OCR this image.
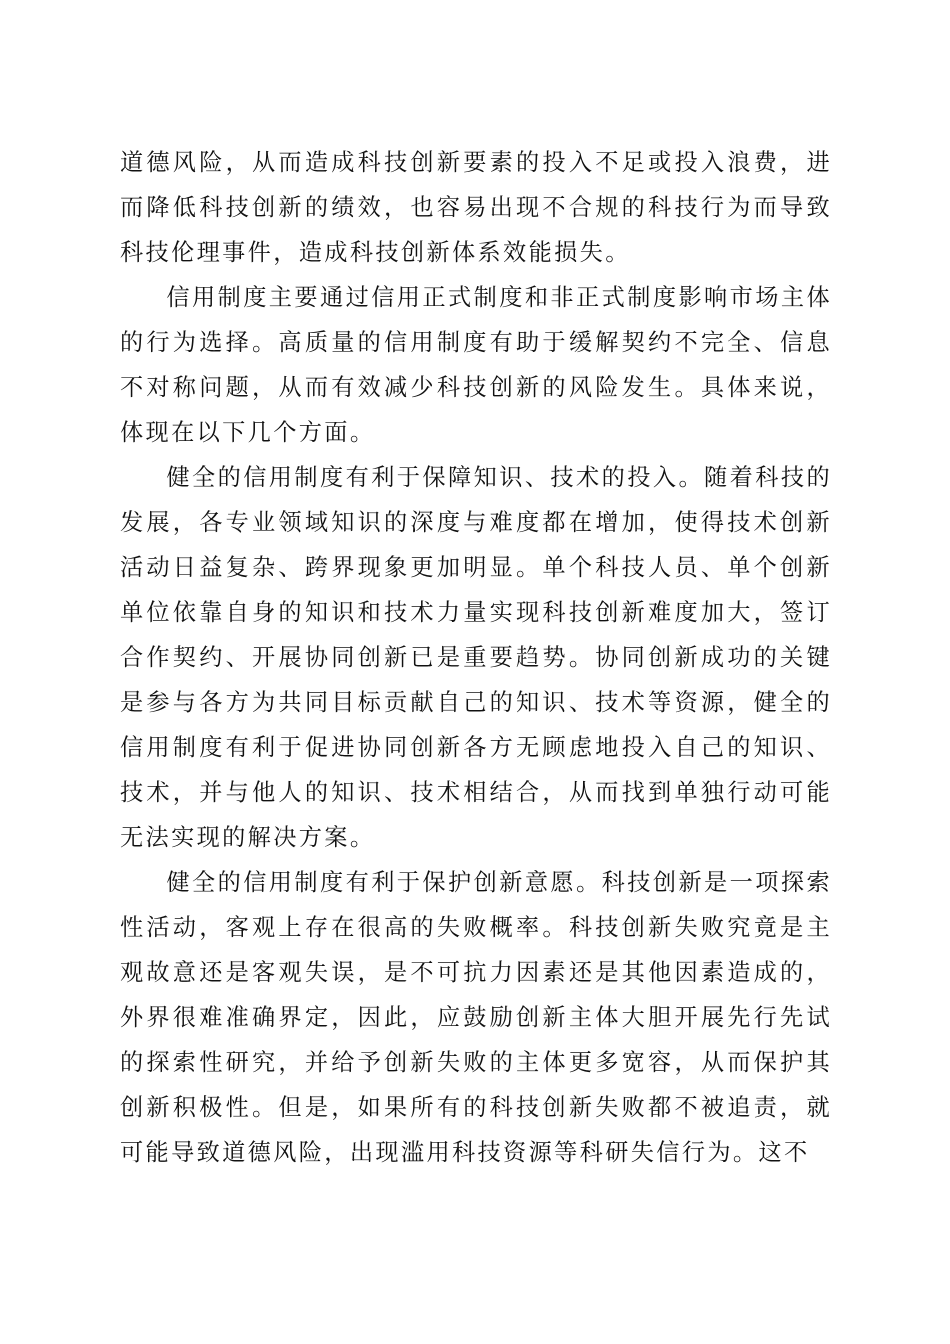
道德风险，从而造成科技创新要素的投入不足或投入浪费，进而降低科技创新的绩效，也容易出现不合规的科技行为而导致科技伦理事件，造成科技创新体系效能损失。

信用制度主要通过信用正式制度和非正式制度影响市场主体的行为选择。高质量的信用制度有助于缓解契约不完全、信息不对称问题，从而有效减少科技创新的风险发生。具体来说，体现在以下几个方面。

健全的信用制度有利于保障知识、技术的投入。随着科技的发展，各专业领域知识的深度与难度都在增加，使得技术创新活动日益复杂、跨界现象更加明显。单个科技人员、单个创新单位依靠自身的知识和技术力量实现科技创新难度加大，签订合作契约、开展协同创新已是重要趋势。协同创新成功的关键是参与各方为共同目标贡献自己的知识、技术等资源，健全的信用制度有利于促进协同创新各方无顾虑地投入自己的知识、技术，并与他人的知识、技术相结合，从而找到单独行动可能无法实现的解决方案。

健全的信用制度有利于保护创新意愿。科技创新是一项探索性活动，客观上存在很高的失败概率。科技创新失败究竟是主观故意还是客观失误，是不可抗力因素还是其他因素造成的，外界很难准确界定，因此，应鼓励创新主体大胆开展先行先试的探索性研究，并给予创新失败的主体更多宽容，从而保护其创新积极性。但是，如果所有的科技创新失败都不被追责，就可能导致道德风险，出现滥用科技资源等科研失信行为。这不
